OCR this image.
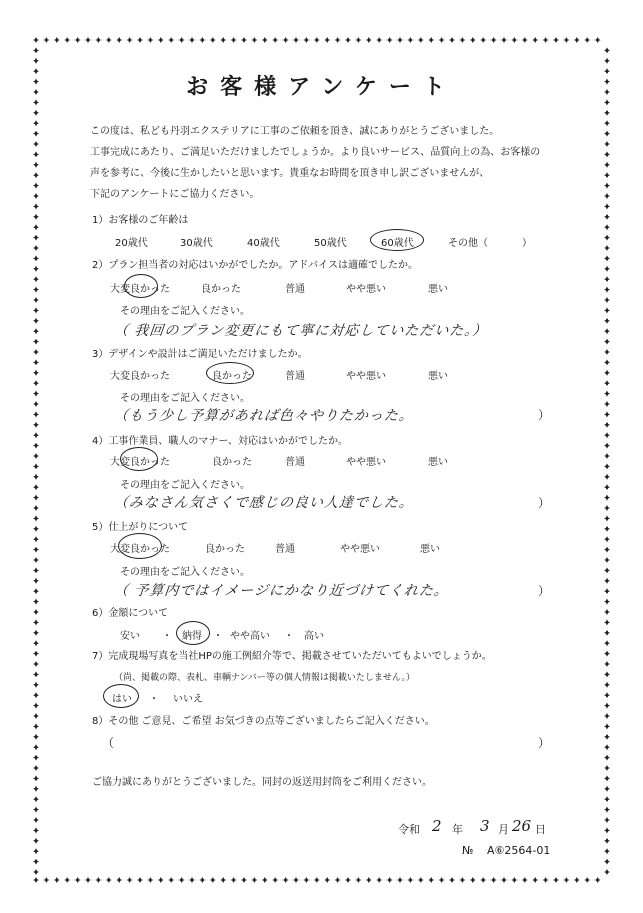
お客様アンケート
この度は、私ども丹羽エクステリアに工事のご依頼を頂き、誠にありがとうございました。
工事完成にあたり、ご満足いただけましたでしょうか。より良いサービス、品質向上の為、お客様の
声を参考に、今後に生かしたいと思います。貴重なお時間を頂き申し訳ございませんが、
下記のアンケートにご協力ください。
1）お客様のご年齢は
20歳代	30歳代	40歳代	50歳代	60歳代	その他（	）
2）プラン担当者の対応はいかがでしたか。アドバイスは適確でしたか。
大変良かった	良かった	普通	やや悪い	悪い
その理由をご記入ください。
（ 我回のプラン変更にもて寧に対応していただいた。）
3）デザインや設計はご満足いただけましたか。
大変良かった	良かった	普通	やや悪い	悪い
その理由をご記入ください。
（もう少し予算があれば色々やりたかった。	）
4）工事作業員、職人のマナー、対応はいかがでしたか。
大変良かった	良かった	普通	やや悪い	悪い
その理由をご記入ください。
（みなさん気さくで感じの良い人達でした。	）
5）仕上がりについて
大変良かった	良かった	普通	やや悪い	悪い
その理由をご記入ください。
（ 予算内ではイメージにかなり近づけてくれた。	）
6）金額について
安い ・ 納得 ・ やや高い ・ 高い
7）完成現場写真を当社HPの施工例紹介等で、掲載させていただいてもよいでしょうか。
（尚、掲載の際、表札、車輌ナンバー等の個人情報は掲載いたしません。）
はい ・ いいえ
8）その他 ご意見、ご希望 お気づきの点等ございましたらご記入ください。
（	）
ご協力誠にありがとうございました。同封の返送用封筒をご利用ください。
令和 2 年 3 月 26 日
№ A⑥2564-01
